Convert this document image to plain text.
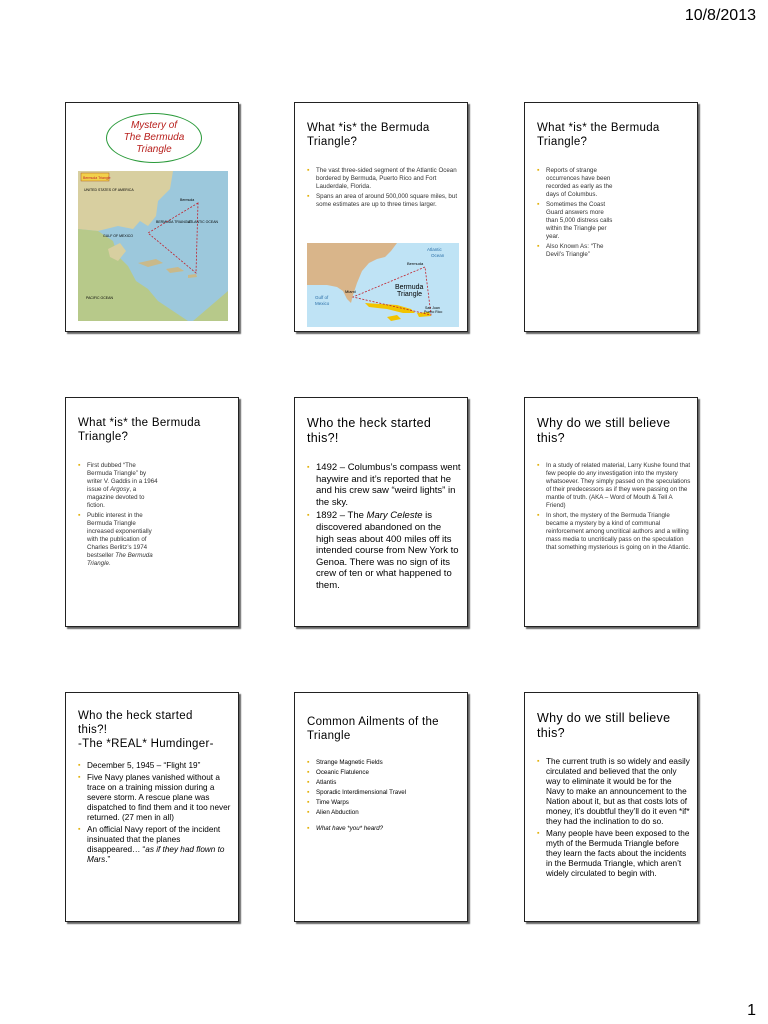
10/8/2013
Mystery of
The Bermuda
Triangle
Bermuda Triangle
Bermuda
BERMUDA TRIANGLE
ATLANTIC OCEAN
PACIFIC OCEAN
GULF OF MEXICO
UNITED STATES OF AMERICA
What *is* the Bermuda Triangle?
▪ The vast three-sided segment of the Atlantic Ocean bordered by Bermuda, Puerto Rico and Fort Lauderdale, Florida.
▪ Spans an area of around 500,000 square miles, but some estimates are up to three times larger.
Atlantic
Ocean
Bermuda
Bermuda
Triangle
Miami
Gulf of
Mexico
San Juan
Puerto Rico
What *is* the Bermuda Triangle?
▪ Reports of strange occurrences have been recorded as early as the days of Columbus.
▪ Sometimes the Coast Guard answers more than 5,000 distress calls within the Triangle per year.
▪ Also Known As: “The Devil’s Triangle”
What *is* the Bermuda Triangle?
▪ First dubbed “The Bermuda Triangle” by writer V. Gaddis in a 1964 issue of Argosy, a magazine devoted to fiction.
▪ Public interest in the Bermuda Triangle increased exponentially with the publication of Charles Berlitz’s 1974 bestseller The Bermuda Triangle.
Who the heck started this?!
▪ 1492 – Columbus’s compass went haywire and it’s reported that he and his crew saw “weird lights” in the sky.
▪ 1892 – The Mary Celeste is discovered abandoned on the high seas about 400 miles off its intended course from New York to Genoa. There was no sign of its crew of ten or what happened to them.
Why do we still believe this?
▪ In a study of related material, Larry Kushe found that few people do any investigation into the mystery whatsoever. They simply passed on the speculations of their predecessors as if they were passing on the mantle of truth. (AKA – Word of Mouth & Tell A Friend)
▪ In short, the mystery of the Bermuda Triangle became a mystery by a kind of communal reinforcement among uncritical authors and a willing mass media to uncritically pass on the speculation that something mysterious is going on in the Atlantic.
Who the heck started
this?!
-The *REAL* Humdinger-
▪ December 5, 1945 – “Flight 19”
▪ Five Navy planes vanished without a trace on a training mission during a severe storm. A rescue plane was dispatched to find them and it too never returned. (27 men in all)
▪ An official Navy report of the incident insinuated that the planes disappeared… “as if they had flown to Mars.”
Common Ailments of the Triangle
▪ Strange Magnetic Fields
▪ Oceanic Flatulence
▪ Atlantis
▪ Sporadic Interdimensional Travel
▪ Time Warps
▪ Alien Abduction
▪ What have *you* heard?
Why do we still believe this?
▪ The current truth is so widely and easily circulated and believed that the only way to eliminate it would be for the Navy to make an announcement to the Nation about it, but as that costs lots of money, it’s doubtful they’ll do it even *if* they had the inclination to do so.
▪ Many people have been exposed to the myth of the Bermuda Triangle before they learn the facts about the incidents in the Bermuda Triangle, which aren’t widely circulated to begin with.
1
